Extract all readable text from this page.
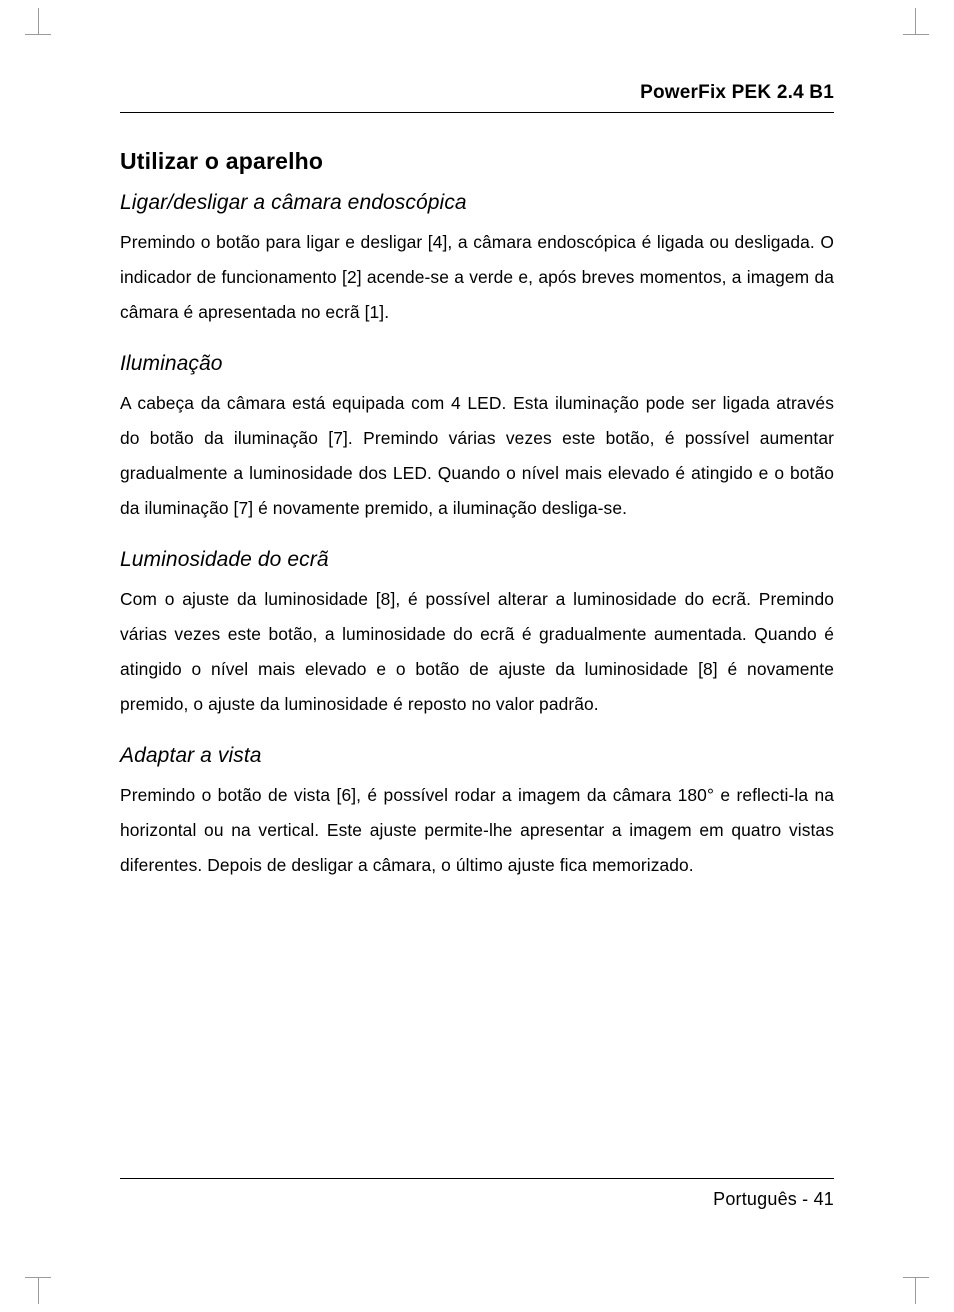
PowerFix PEK 2.4 B1
Utilizar o aparelho
Ligar/desligar a câmara endoscópica

Premindo o botão para ligar e desligar [4], a câmara endoscópica é ligada ou desligada. O indicador de funcionamento [2] acende-se a verde e, após breves momentos, a imagem da câmara é apresentada no ecrã [1].

Iluminação

A cabeça da câmara está equipada com 4 LED. Esta iluminação pode ser ligada através do botão da iluminação [7]. Premindo várias vezes este botão, é possível aumentar gradualmente a luminosidade dos LED. Quando o nível mais elevado é atingido e o botão da iluminação [7] é novamente premido, a iluminação desliga-se.

Luminosidade do ecrã

Com o ajuste da luminosidade [8], é possível alterar a luminosidade do ecrã. Premindo várias vezes este botão, a luminosidade do ecrã é gradualmente aumentada. Quando é atingido o nível mais elevado e o botão de ajuste da luminosidade [8] é novamente premido, o ajuste da luminosidade é reposto no valor padrão.

Adaptar a vista

Premindo o botão de vista [6], é possível rodar a imagem da câmara 180° e reflecti-la na horizontal ou na vertical. Este ajuste permite-lhe apresentar a imagem em quatro vistas diferentes. Depois de desligar a câmara, o último ajuste fica memorizado.

Português - 41
